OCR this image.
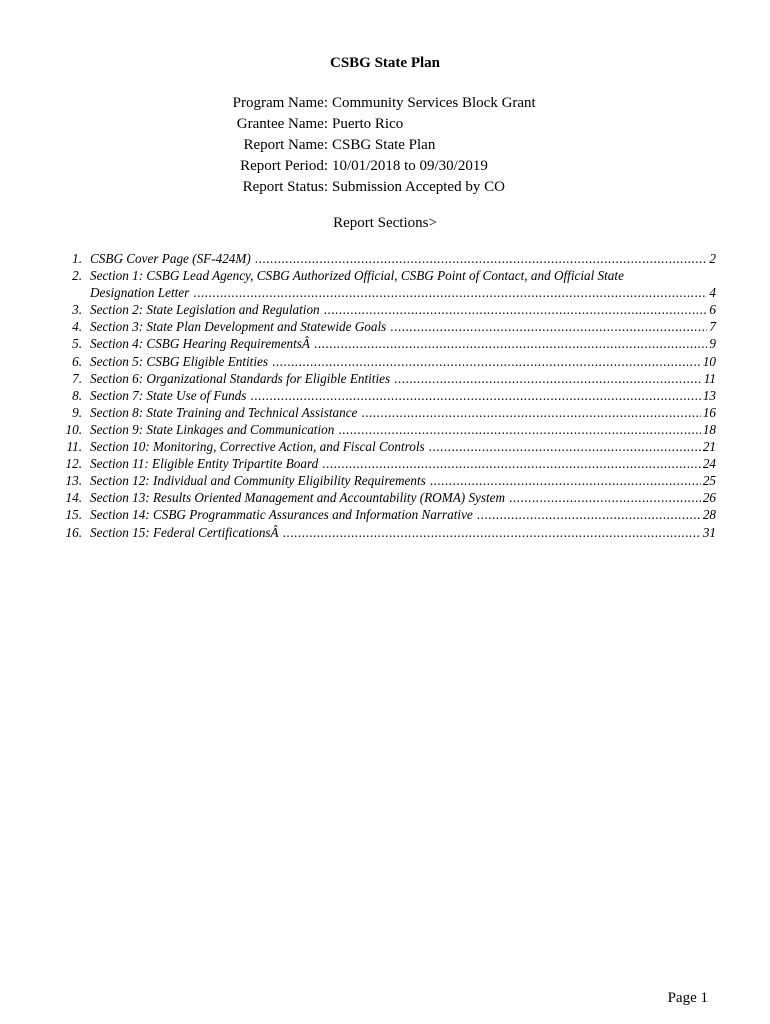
CSBG State Plan
Program Name: Community Services Block Grant
Grantee Name: Puerto Rico
Report Name: CSBG State Plan
Report Period: 10/01/2018 to 09/30/2019
Report Status: Submission Accepted by CO
Report Sections>
1. CSBG Cover Page (SF-424M) .....	2
2. Section 1: CSBG Lead Agency, CSBG Authorized Official, CSBG Point of Contact, and Official State
Designation Letter .....	4
3. Section 2: State Legislation and Regulation .....	6
4. Section 3: State Plan Development and Statewide Goals .....	7
5. Section 4: CSBG Hearing RequirementsÂ .....	9
6. Section 5: CSBG Eligible Entities .....	10
7. Section 6: Organizational Standards for Eligible Entities .....	11
8. Section 7: State Use of Funds .....	13
9. Section 8: State Training and Technical Assistance .....	16
10. Section 9: State Linkages and Communication .....	18
11. Section 10: Monitoring, Corrective Action, and Fiscal Controls .....	21
12. Section 11: Eligible Entity Tripartite Board .....	24
13. Section 12: Individual and Community Eligibility Requirements .....	25
14. Section 13: Results Oriented Management and Accountability (ROMA) System .....	26
15. Section 14: CSBG Programmatic Assurances and Information Narrative .....	28
16. Section 15: Federal CertificationsÂ .....	31
Page 1
